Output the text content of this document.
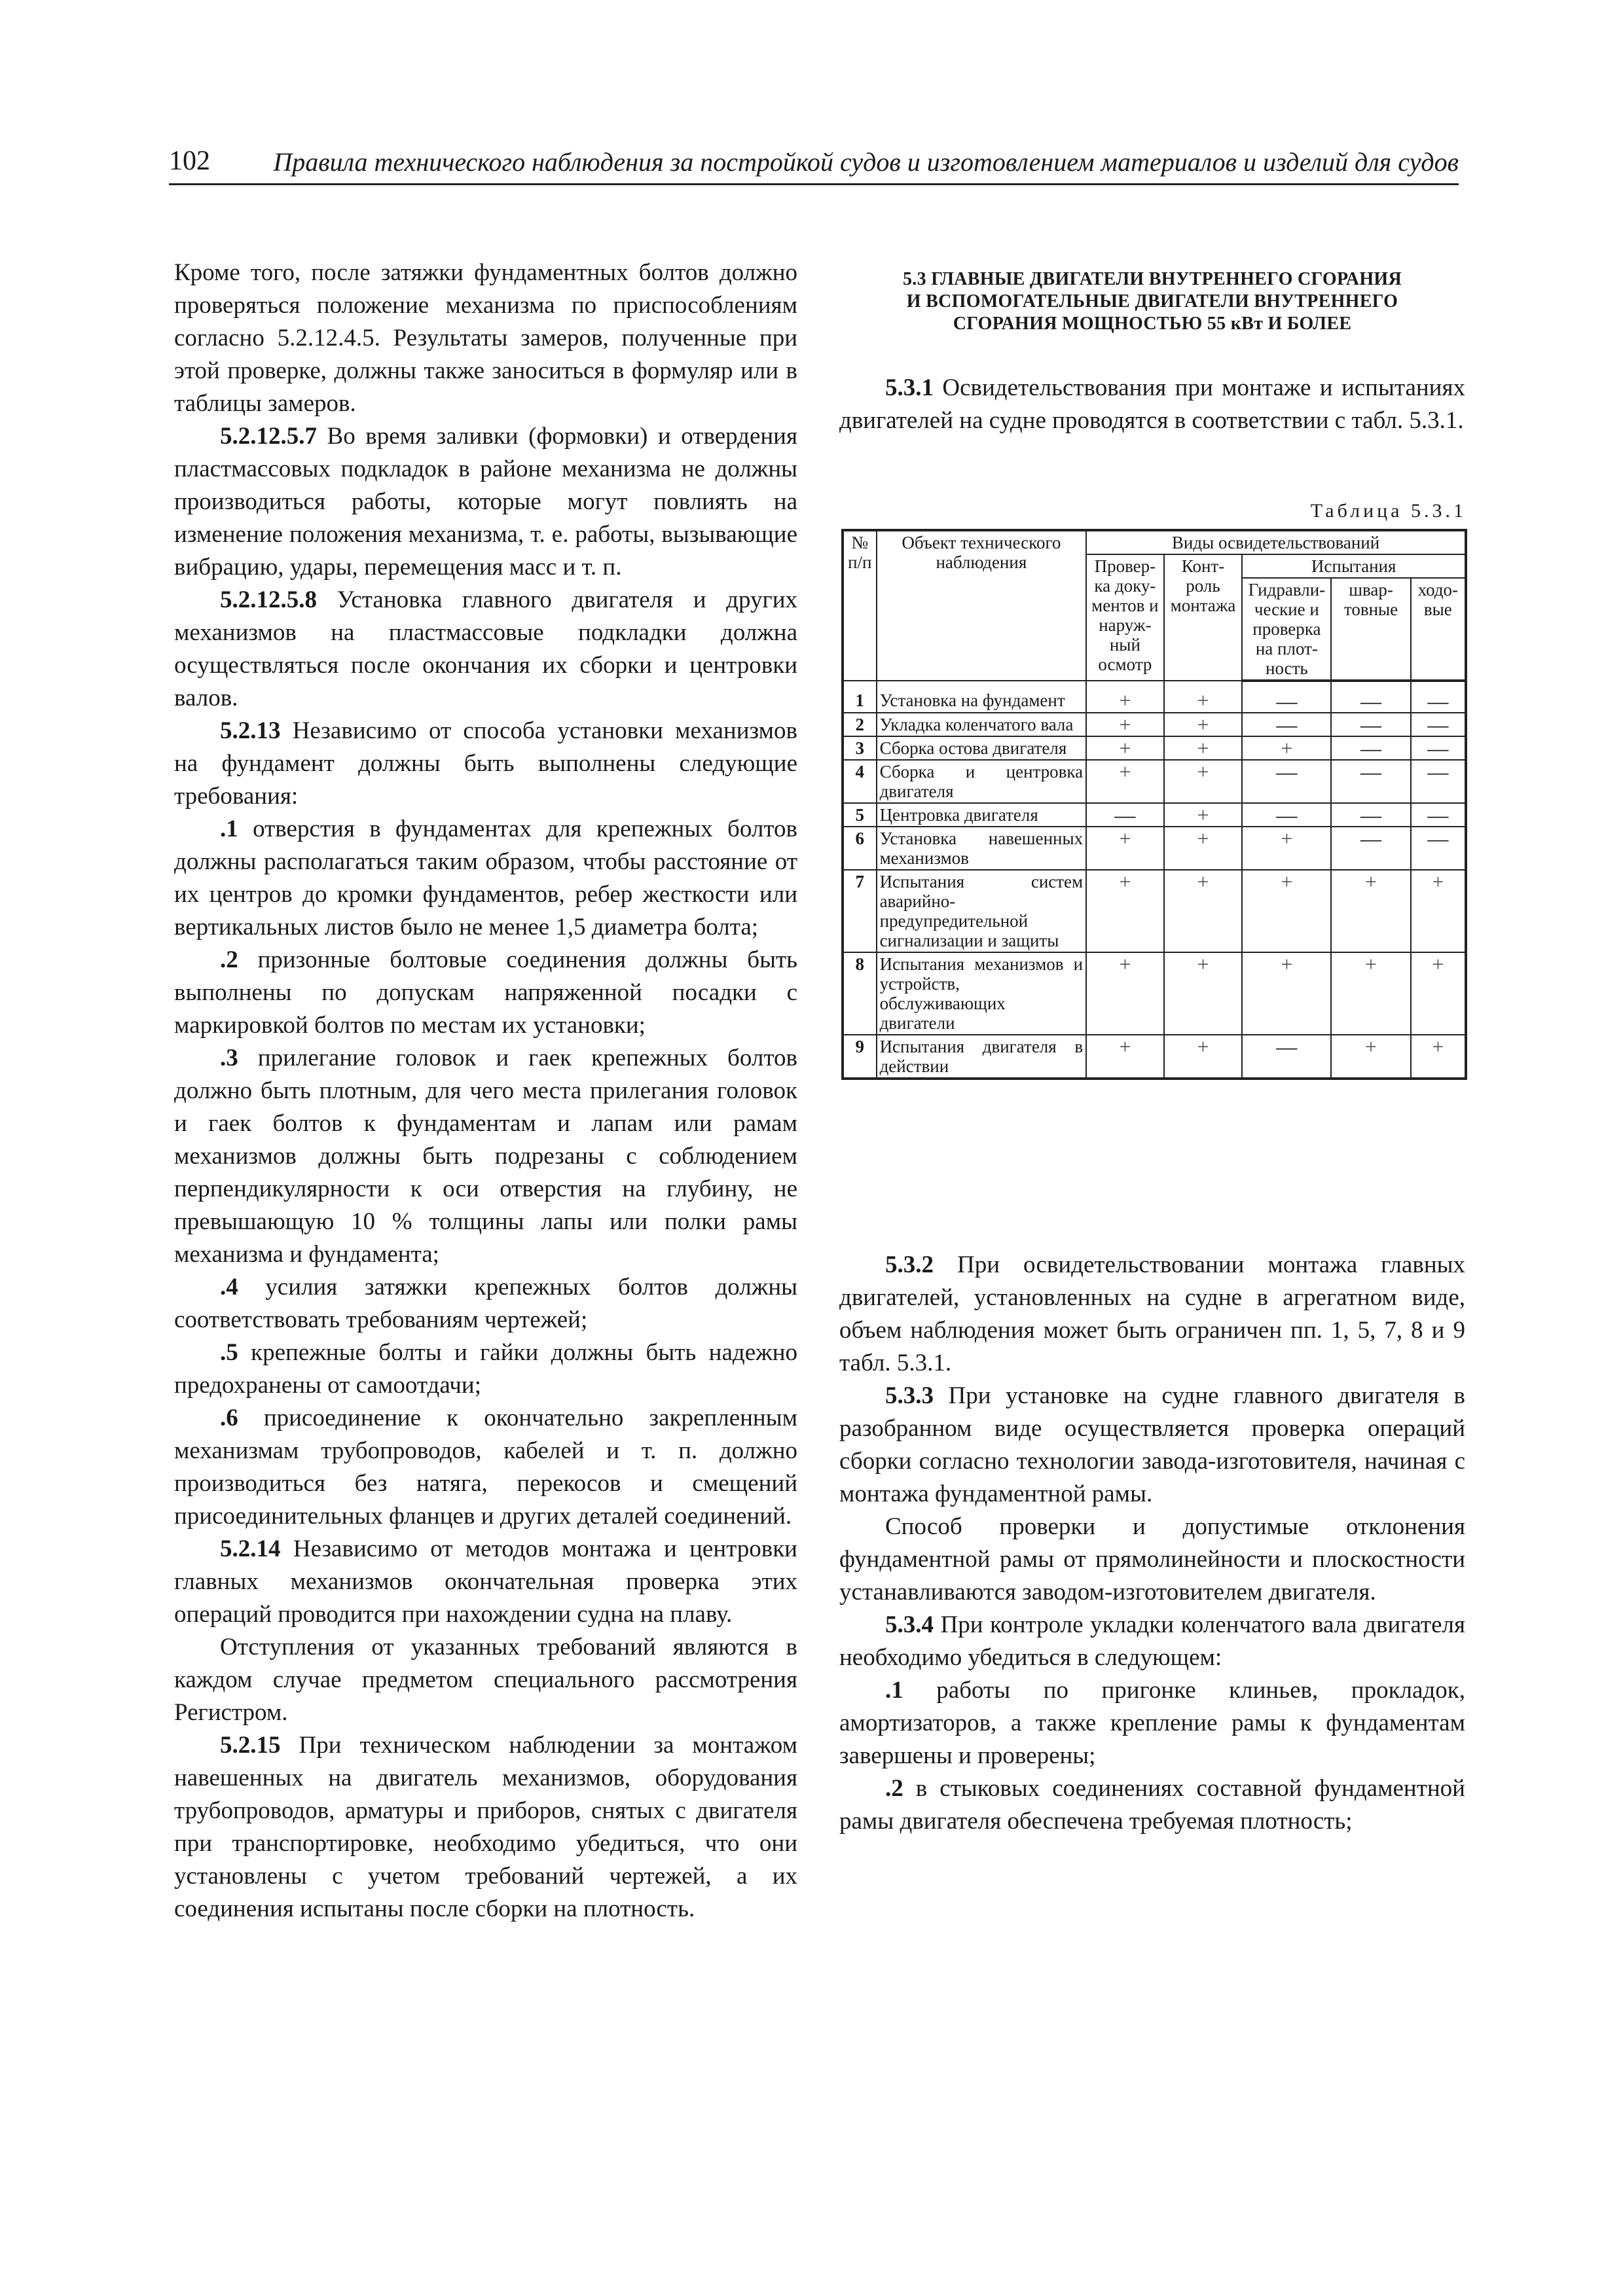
102 Правила технического наблюдения за постройкой судов и изготовлением материалов и изделий для судов

Кроме того, после затяжки фундаментных болтов должно проверяться положение механизма по приспособлениям согласно 5.2.12.4.5. Результаты замеров, полученные при этой проверке, должны также заноситься в формуляр или в таблицы замеров.

5.2.12.5.7 Во время заливки (формовки) и отвердения пластмассовых подкладок в районе механизма не должны производиться работы, которые могут повлиять на изменение положения механизма, т. е. работы, вызывающие вибрацию, удары, перемещения масс и т. п.

5.2.12.5.8 Установка главного двигателя и других механизмов на пластмассовые подкладки должна осуществляться после окончания их сборки и центровки валов.

5.2.13 Независимо от способа установки механизмов на фундамент должны быть выполнены следующие требования:

.1 отверстия в фундаментах для крепежных болтов должны располагаться таким образом, чтобы расстояние от их центров до кромки фундаментов, ребер жесткости или вертикальных листов было не менее 1,5 диаметра болта;

.2 призонные болтовые соединения должны быть выполнены по допускам напряженной посадки с маркировкой болтов по местам их установки;

.3 прилегание головок и гаек крепежных болтов должно быть плотным, для чего места прилегания головок и гаек болтов к фундаментам и лапам или рамам механизмов должны быть подрезаны с соблюдением перпендикулярности к оси отверстия на глубину, не превышающую 10 % толщины лапы или полки рамы механизма и фундамента;

.4 усилия затяжки крепежных болтов должны соответствовать требованиям чертежей;

.5 крепежные болты и гайки должны быть надежно предохранены от самоотдачи;

.6 присоединение к окончательно закрепленным механизмам трубопроводов, кабелей и т. п. должно производиться без натяга, перекосов и смещений присоединительных фланцев и других деталей соединений.

5.2.14 Независимо от методов монтажа и центровки главных механизмов окончательная проверка этих операций проводится при нахождении судна на плаву.

Отступления от указанных требований являются в каждом случае предметом специального рассмотрения Регистром.

5.2.15 При техническом наблюдении за монтажом навешенных на двигатель механизмов, оборудования трубопроводов, арматуры и приборов, снятых с двигателя при транспортировке, необходимо убедиться, что они установлены с учетом требований чертежей, а их соединения испытаны после сборки на плотность.

5.3 ГЛАВНЫЕ ДВИГАТЕЛИ ВНУТРЕННЕГО СГОРАНИЯ
И ВСПОМОГАТЕЛЬНЫЕ ДВИГАТЕЛИ ВНУТРЕННЕГО
СГОРАНИЯ МОЩНОСТЬЮ 55 кВт И БОЛЕЕ

5.3.1 Освидетельствования при монтаже и испытаниях двигателей на судне проводятся в соответствии с табл. 5.3.1.

5.3.2 При освидетельствовании монтажа главных двигателей, установленных на судне в агрегатном виде, объем наблюдения может быть ограничен пп. 1, 5, 7, 8 и 9 табл. 5.3.1.

5.3.3 При установке на судне главного двигателя в разобранном виде осуществляется проверка операций сборки согласно технологии завода-изготовителя, начиная с монтажа фундаментной рамы.

Способ проверки и допустимые отклонения фундаментной рамы от прямолинейности и плоскостности устанавливаются заводом-изготовителем двигателя.

5.3.4 При контроле укладки коленчатого вала двигателя необходимо убедиться в следующем:

.1 работы по пригонке клиньев, прокладок, амортизаторов, а также крепление рамы к фундаментам завершены и проверены;

.2 в стыковых соединениях составной фундаментной рамы двигателя обеспечена требуемая плотность;

Таблица 5.3.1
№ п/п	Объект технического наблюдения	Виды освидетельствований				
		Провер-ка доку-ментов и наруж-ный осмотр	Конт-роль монтажа	Испытания		
				Гидравли-ческие и проверка на плот-ность	швар-товные	ходо-вые
1	Установка на фундамент	+	+	—	—	—
2	Укладка коленчатого вала	+	+	—	—	—
3	Сборка остова двигателя	+	+	+	—	—
4	Сборка и центровка двигателя	+	+	—	—	—
5	Центровка двигателя	—	+	—	—	—
6	Установка навешенных механизмов	+	+	+	—	—
7	Испытания систем аварийно-предупредительной сигнализации и защиты	+	+	+	+	+
8	Испытания механизмов и устройств, обслуживающих двигатели	+	+	+	+	+
9	Испытания двигателя в действии	+	+	—	+	+
